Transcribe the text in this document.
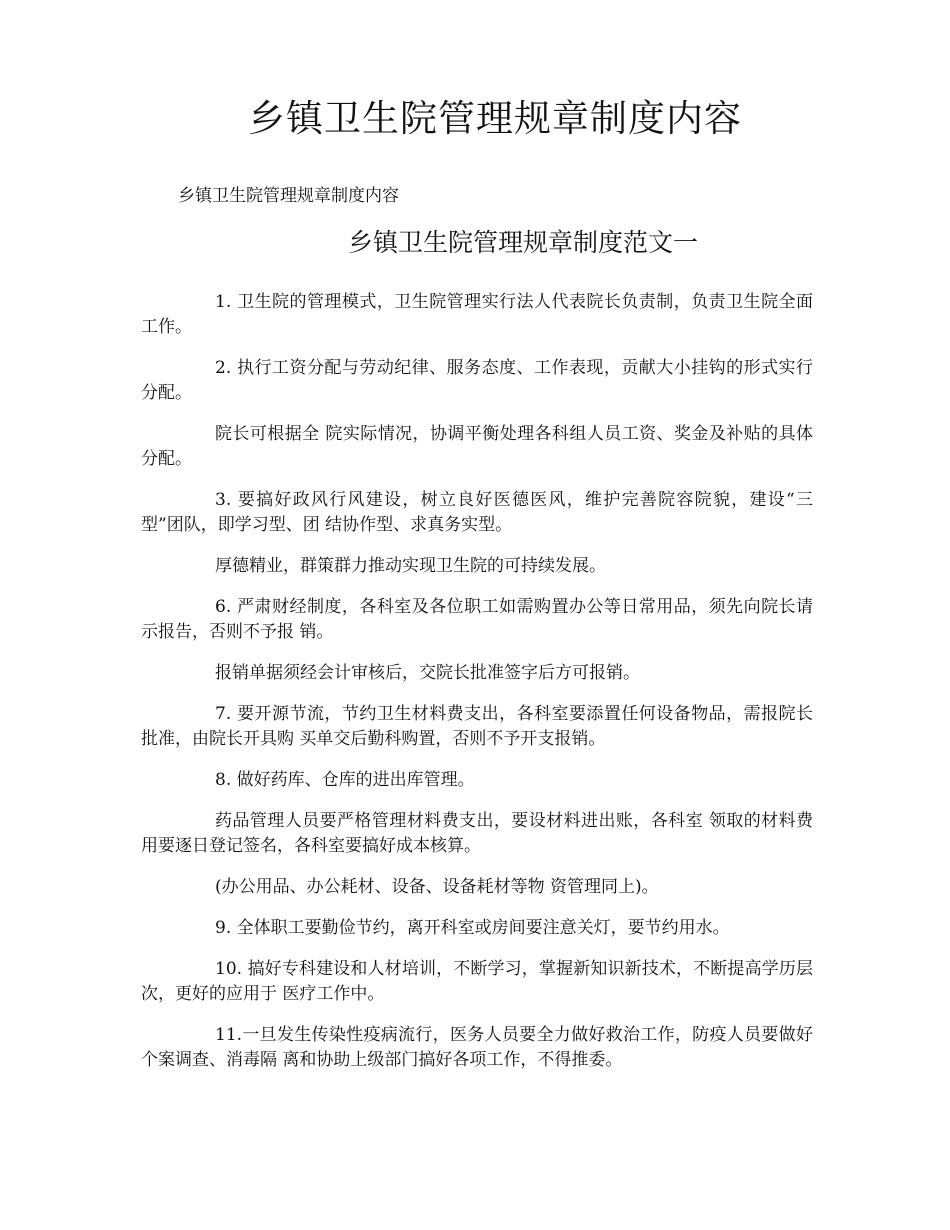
乡镇卫生院管理规章制度内容

乡镇卫生院管理规章制度内容

乡镇卫生院管理规章制度范文一

1. 卫生院的管理模式，卫生院管理实行法人代表院长负责制，负责卫生院全面工作。

2. 执行工资分配与劳动纪律、服务态度、工作表现，贡献大小挂钩的形式实行分配。

院长可根据全 院实际情况，协调平衡处理各科组人员工资、奖金及补贴的具体分配。

3. 要搞好政风行风建设，树立良好医德医风，维护完善院容院貌，建设“三型”团队，即学习型、团 结协作型、求真务实型。

厚德精业，群策群力推动实现卫生院的可持续发展。

6. 严肃财经制度，各科室及各位职工如需购置办公等日常用品，须先向院长请示报告，否则不予报 销。

报销单据须经会计审核后，交院长批准签字后方可报销。

7. 要开源节流，节约卫生材料费支出，各科室要添置任何设备物品，需报院长批准，由院长开具购 买单交后勤科购置，否则不予开支报销。

8. 做好药库、仓库的进出库管理。

药品管理人员要严格管理材料费支出，要设材料进出账，各科室 领取的材料费用要逐日登记签名，各科室要搞好成本核算。

(办公用品、办公耗材、设备、设备耗材等物 资管理同上)。

9. 全体职工要勤俭节约，离开科室或房间要注意关灯，要节约用水。

10. 搞好专科建设和人材培训，不断学习，掌握新知识新技术，不断提高学历层次，更好的应用于 医疗工作中。

11.一旦发生传染性疫病流行，医务人员要全力做好救治工作，防疫人员要做好个案调查、消毒隔 离和协助上级部门搞好各项工作，不得推委。
